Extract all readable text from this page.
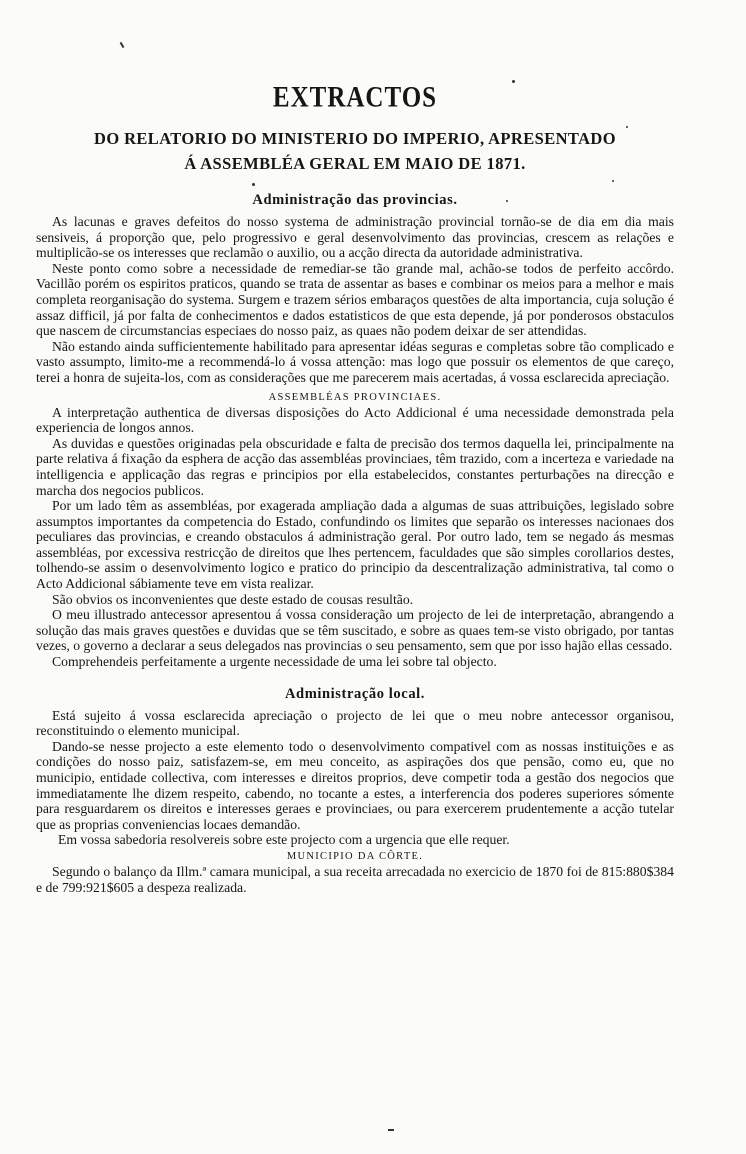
EXTRACTOS

DO RELATORIO DO MINISTERIO DO IMPERIO, APRESENTADO

Á ASSEMBLÉA GERAL EM MAIO DE 1871.

Administração das provincias.

As lacunas e graves defeitos do nosso systema de administração provincial tornão-se de dia em dia mais sensiveis, á proporção que, pelo progressivo e geral desenvolvimento das provincias, crescem as relações e multiplicão-se os interesses que reclamão o auxilio, ou a acção directa da autoridade administrativa.

Neste ponto como sobre a necessidade de remediar-se tão grande mal, achão-se todos de perfeito accôrdo. Vacillão porém os espiritos praticos, quando se trata de assentar as bases e combinar os meios para a melhor e mais completa reorganisação do systema. Surgem e trazem sérios embaraços questões de alta importancia, cuja solução é assaz difficil, já por falta de conhecimentos e dados estatisticos de que esta depende, já por ponderosos obstaculos que nascem de circumstancias especiaes do nosso paiz, as quaes não podem deixar de ser attendidas.

Não estando ainda sufficientemente habilitado para apresentar idéas seguras e completas sobre tão complicado e vasto assumpto, limito-me a recommendá-lo á vossa attenção: mas logo que possuir os elementos de que careço, terei a honra de sujeita-los, com as considerações que me parecerem mais acertadas, á vossa esclarecida apreciação.

ASSEMBLÉAS PROVINCIAES.

A interpretação authentica de diversas disposições do Acto Addicional é uma necessidade demonstrada pela experiencia de longos annos.

As duvidas e questões originadas pela obscuridade e falta de precisão dos termos daquella lei, principalmente na parte relativa á fixação da esphera de acção das assembléas provinciaes, têm trazido, com a incerteza e variedade na intelligencia e applicação das regras e principios por ella estabelecidos, constantes perturbações na direcção e marcha dos negocios publicos.

Por um lado têm as assembléas, por exagerada ampliação dada a algumas de suas attribuições, legislado sobre assumptos importantes da competencia do Estado, confundindo os limites que separão os interesses nacionaes dos peculiares das provincias, e creando obstaculos á administração geral. Por outro lado, tem se negado ás mesmas assembléas, por excessiva restricção de direitos que lhes pertencem, faculdades que são simples corollarios destes, tolhendo-se assim o desenvolvimento logico e pratico do principio da descentralização administrativa, tal como o Acto Addicional sábiamente teve em vista realizar.

São obvios os inconvenientes que deste estado de cousas resultão.

O meu illustrado antecessor apresentou á vossa consideração um projecto de lei de interpretação, abrangendo a solução das mais graves questões e duvidas que se têm suscitado, e sobre as quaes tem-se visto obrigado, por tantas vezes, o governo a declarar a seus delegados nas provincias o seu pensamento, sem que por isso hajão ellas cessado.

Comprehendeis perfeitamente a urgente necessidade de uma lei sobre tal objecto.

Administração local.

Está sujeito á vossa esclarecida apreciação o projecto de lei que o meu nobre antecessor organisou, reconstituindo o elemento municipal.

Dando-se nesse projecto a este elemento todo o desenvolvimento compativel com as nossas instituições e as condições do nosso paiz, satisfazem-se, em meu conceito, as aspirações dos que pensão, como eu, que no municipio, entidade collectiva, com interesses e direitos proprios, deve competir toda a gestão dos negocios que immediatamente lhe dizem respeito, cabendo, no tocante a estes, a interferencia dos poderes superiores sómente para resguardarem os direitos e interesses geraes e provinciaes, ou para exercerem prudentemente a acção tutelar que as proprias conveniencias locaes demandão.

Em vossa sabedoria resolvereis sobre este projecto com a urgencia que elle requer.

MUNICIPIO DA CÔRTE.

Segundo o balanço da Illm.ª camara municipal, a sua receita arrecadada no exercicio de 1870 foi de 815:880$384 e de 799:921$605 a despeza realizada.
